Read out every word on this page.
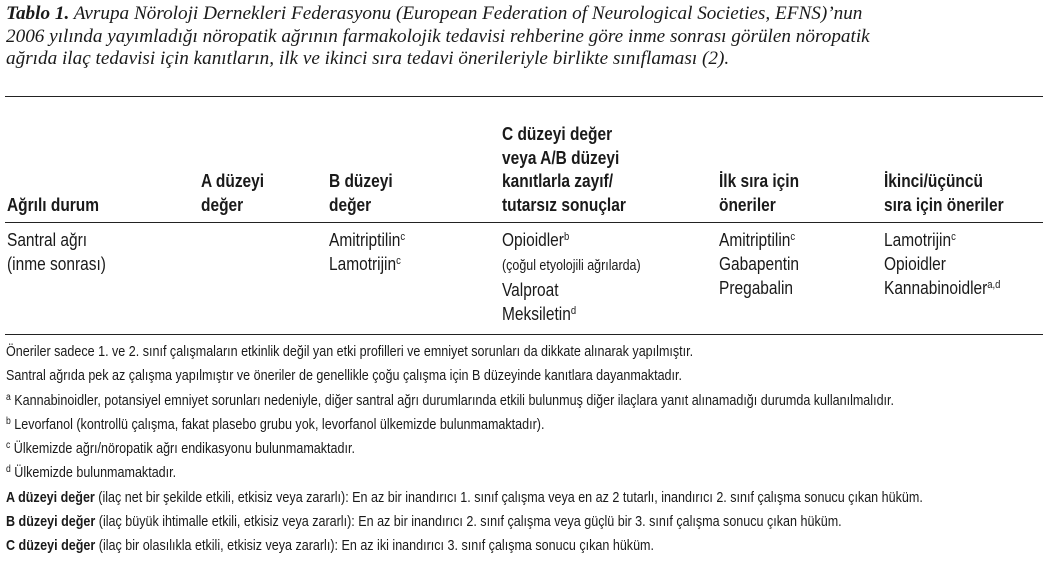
Tablo 1. Avrupa Nöroloji Dernekleri Federasyonu (European Federation of Neurological Societies, EFNS)’nun
2006 yılında yayımladığı nöropatik ağrının farmakolojik tedavisi rehberine göre inme sonrası görülen nöropatik
ağrıda ilaç tedavisi için kanıtların, ilk ve ikinci sıra tedavi önerileriyle birlikte sınıflaması (2).
Ağrılı durum
A düzeyi
değer
B düzeyi
değer
C düzeyi değer
veya A/B düzeyi
kanıtlarla zayıf/
tutarsız sonuçlar
İlk sıra için
öneriler
İkinci/üçüncü
sıra için öneriler
Santral ağrı
(inme sonrası)
Amitriptilin$^c$
Lamotrijin$^c$
Opioidler$^b$
(çoğul etyolojili ağrılarda)
Valproat
Meksiletin$^d$
Amitriptilin$^c$
Gabapentin
Pregabalin
Lamotrijin$^c$
Opioidler
Kannabinoidler$^{a,d}$
Öneriler sadece 1. ve 2. sınıf çalışmaların etkinlik değil yan etki profilleri ve emniyet sorunları da dikkate alınarak yapılmıştır.
Santral ağrıda pek az çalışma yapılmıştır ve öneriler de genellikle çoğu çalışma için B düzeyinde kanıtlara dayanmaktadır.
$^a$ Kannabinoidler, potansiyel emniyet sorunları nedeniyle, diğer santral ağrı durumlarında etkili bulunmuş diğer ilaçlara yanıt alınamadığı durumda kullanılmalıdır.
$^b$ Levorfanol (kontrollü çalışma, fakat plasebo grubu yok, levorfanol ülkemizde bulunmamaktadır).
$^c$ Ülkemizde ağrı/nöropatik ağrı endikasyonu bulunmamaktadır.
$^d$ Ülkemizde bulunmamaktadır.
A düzeyi değer (ilaç net bir şekilde etkili, etkisiz veya zararlı): En az bir inandırıcı 1. sınıf çalışma veya en az 2 tutarlı, inandırıcı 2. sınıf çalışma sonucu çıkan hüküm.
B düzeyi değer (ilaç büyük ihtimalle etkili, etkisiz veya zararlı): En az bir inandırıcı 2. sınıf çalışma veya güçlü bir 3. sınıf çalışma sonucu çıkan hüküm.
C düzeyi değer (ilaç bir olasılıkla etkili, etkisiz veya zararlı): En az iki inandırıcı 3. sınıf çalışma sonucu çıkan hüküm.
